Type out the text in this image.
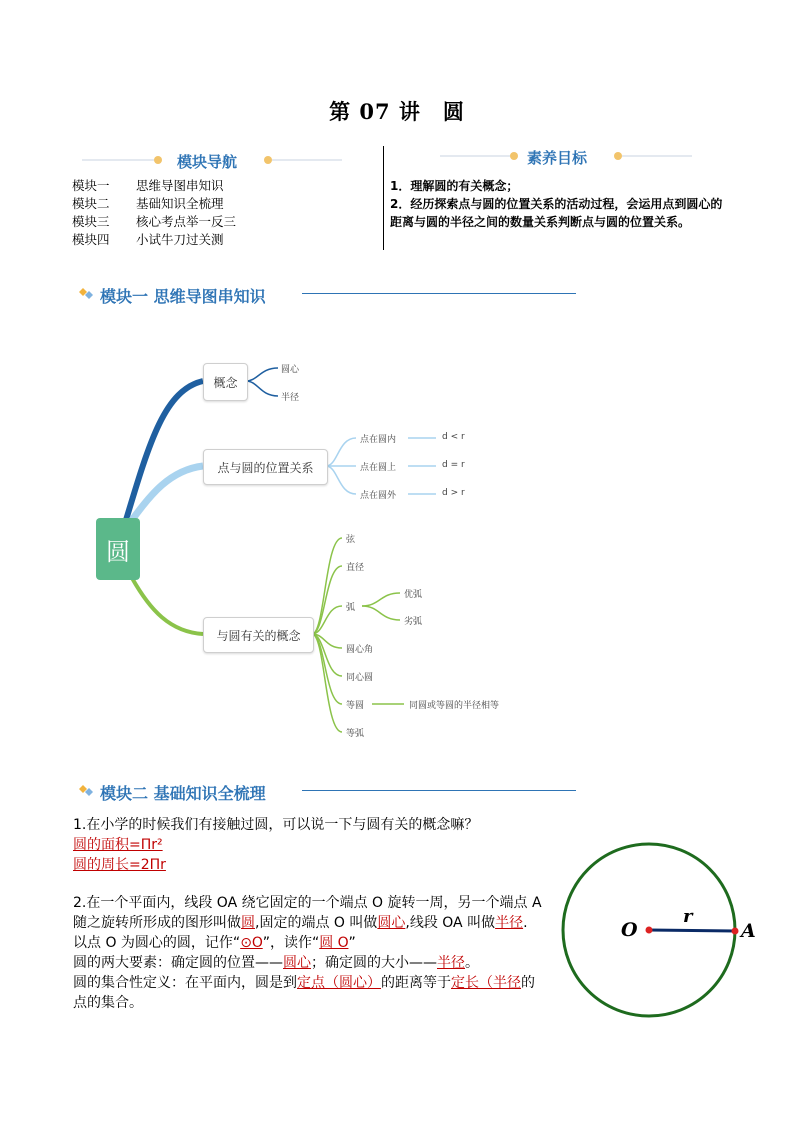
第 07 讲　圆
模块导航
模块一	思维导图串知识
模块二	基础知识全梳理
模块三	核心考点举一反三
模块四	小试牛刀过关测
素养目标
1．理解圆的有关概念；
2．经历探索点与圆的位置关系的活动过程，会运用点到圆心的距离与圆的半径之间的数量关系判断点与圆的位置关系。
模块一 思维导图串知识
圆
概念
圆心
半径
点与圆的位置关系
点在圆内
点在圆上
点在圆外
d < r
d = r
d > r
与圆有关的概念
弦
直径
弧
圆心角
同心圆
等圆
等弧
优弧
劣弧
同圆或等圆的半径相等
模块二 基础知识全梳理
1.在小学的时候我们有接触过圆，可以说一下与圆有关的概念嘛？
圆的面积=Πr²
圆的周长=2Πr
2.在一个平面内，线段 OA 绕它固定的一个端点 O 旋转一周，另一个端点 A 随之旋转所形成的图形叫做圆,固定的端点 O 叫做圆心,线段 OA 叫做半径. 以点 O 为圆心的圆，记作“⊙O”，读作“圆 O”
圆的两大要素：确定圆的位置——圆心；确定圆的大小——半径。
圆的集合性定义：在平面内，圆是到定点（圆心）的距离等于定长（半径的点的集合。
O
r
A
